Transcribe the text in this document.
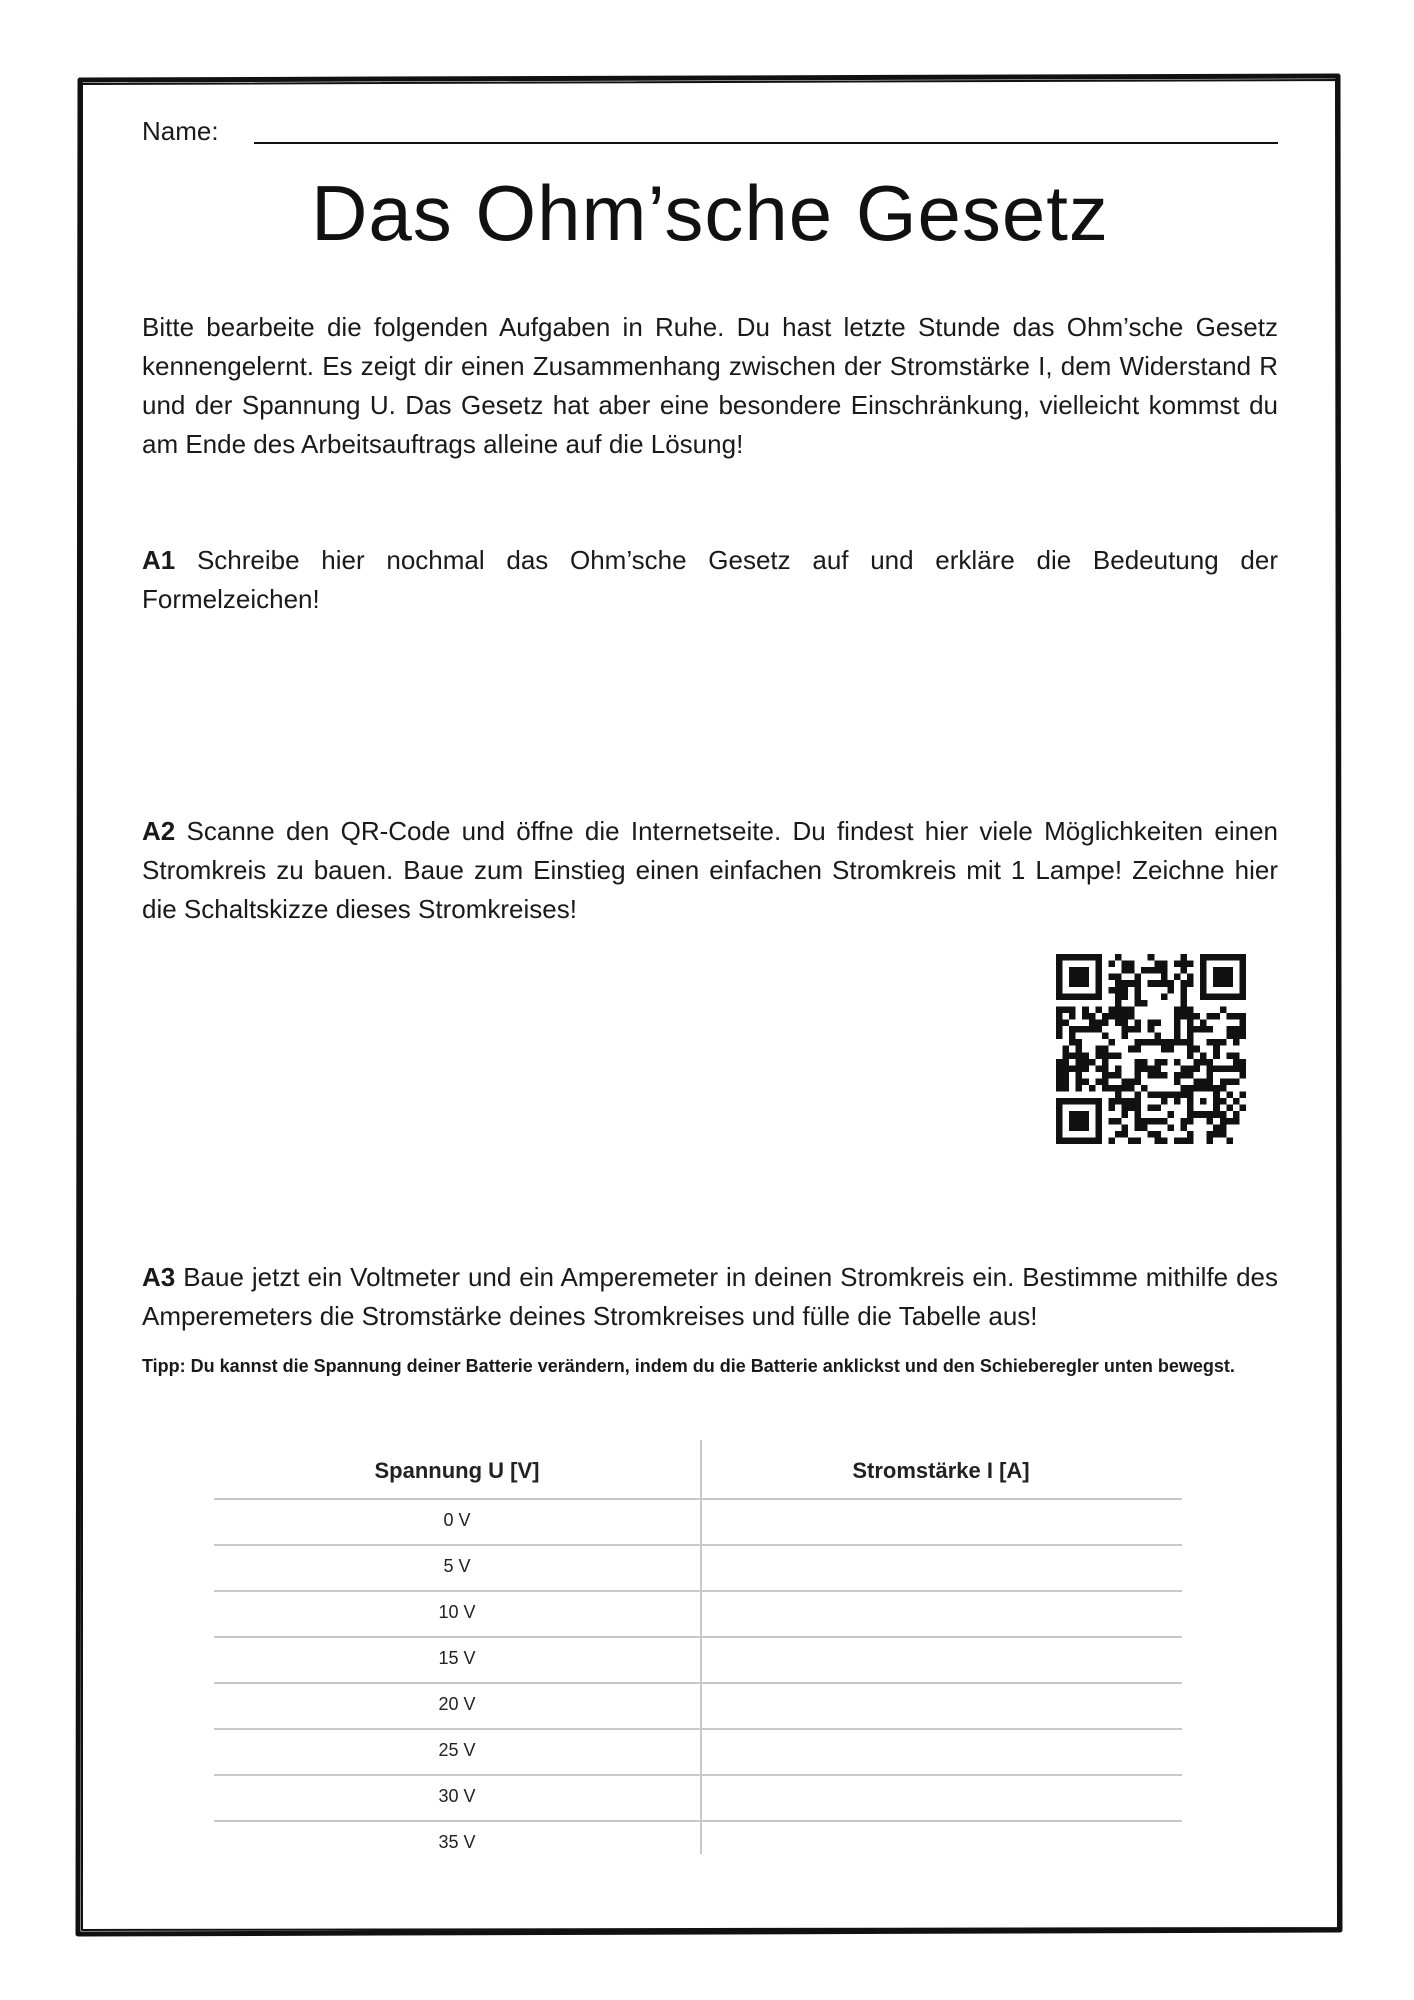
Name:
Das Ohm’sche Gesetz
Bitte bearbeite die folgenden Aufgaben in Ruhe. Du hast letzte Stunde das Ohm’sche Gesetz kennengelernt. Es zeigt dir einen Zusammenhang zwischen der Stromstärke I, dem Widerstand R und der Spannung U. Das Gesetz hat aber eine besondere Einschränkung, vielleicht kommst du am Ende des Arbeitsauftrags alleine auf die Lösung!
A1 Schreibe hier nochmal das Ohm’sche Gesetz auf und erkläre die Bedeutung der Formelzeichen!
A2 Scanne den QR-Code und öffne die Internetseite. Du findest hier viele Möglichkeiten einen Stromkreis zu bauen. Baue zum Einstieg einen einfachen Stromkreis mit 1 Lampe! Zeichne hier die Schaltskizze dieses Stromkreises!
A3 Baue jetzt ein Voltmeter und ein Amperemeter in deinen Stromkreis ein. Bestimme mithilfe des Amperemeters die Stromstärke deines Stromkreises und fülle die Tabelle aus!
Tipp: Du kannst die Spannung deiner Batterie verändern, indem du die Batterie anklickst und den Schieberegler unten bewegst.
Spannung U [V]	Stromstärke I [A]
0 V
5 V
10 V
15 V
20 V
25 V
30 V
35 V
